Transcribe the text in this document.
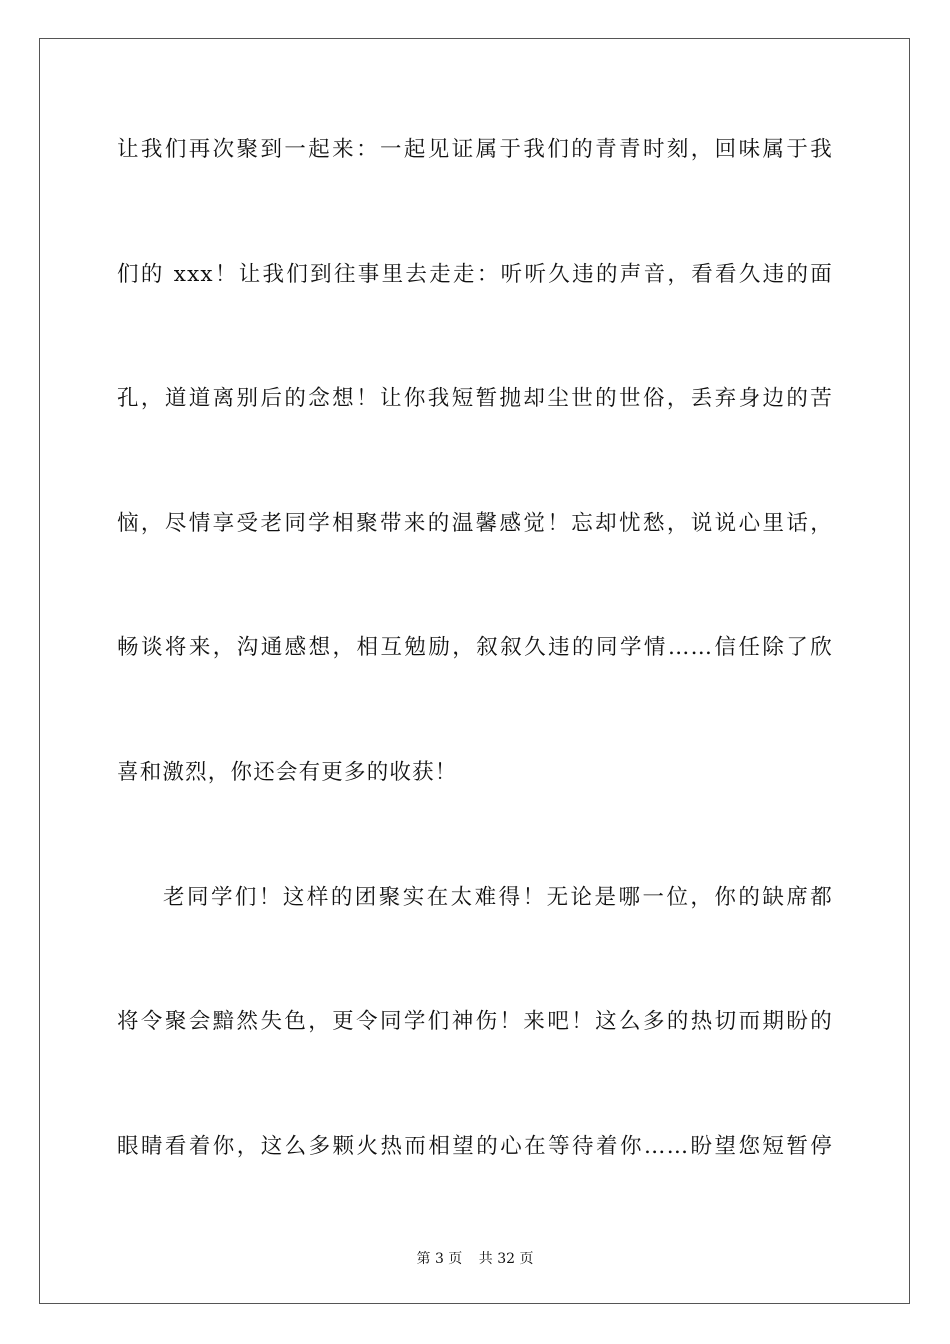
让我们再次聚到一起来：一起见证属于我们的青青时刻，回味属于我
们的 xxx！让我们到往事里去走走：听听久违的声音，看看久违的面
孔，道道离别后的念想！让你我短暂抛却尘世的世俗，丢弃身边的苦
恼，尽情享受老同学相聚带来的温馨感觉！忘却忧愁，说说心里话，
畅谈将来，沟通感想，相互勉励，叙叙久违的同学情……信任除了欣
喜和激烈，你还会有更多的收获！
老同学们！这样的团聚实在太难得！无论是哪一位，你的缺席都
将令聚会黯然失色，更令同学们神伤！来吧！这么多的热切而期盼的
眼睛看着你，这么多颗火热而相望的心在等待着你……盼望您短暂停
第 3 页 共 32 页
